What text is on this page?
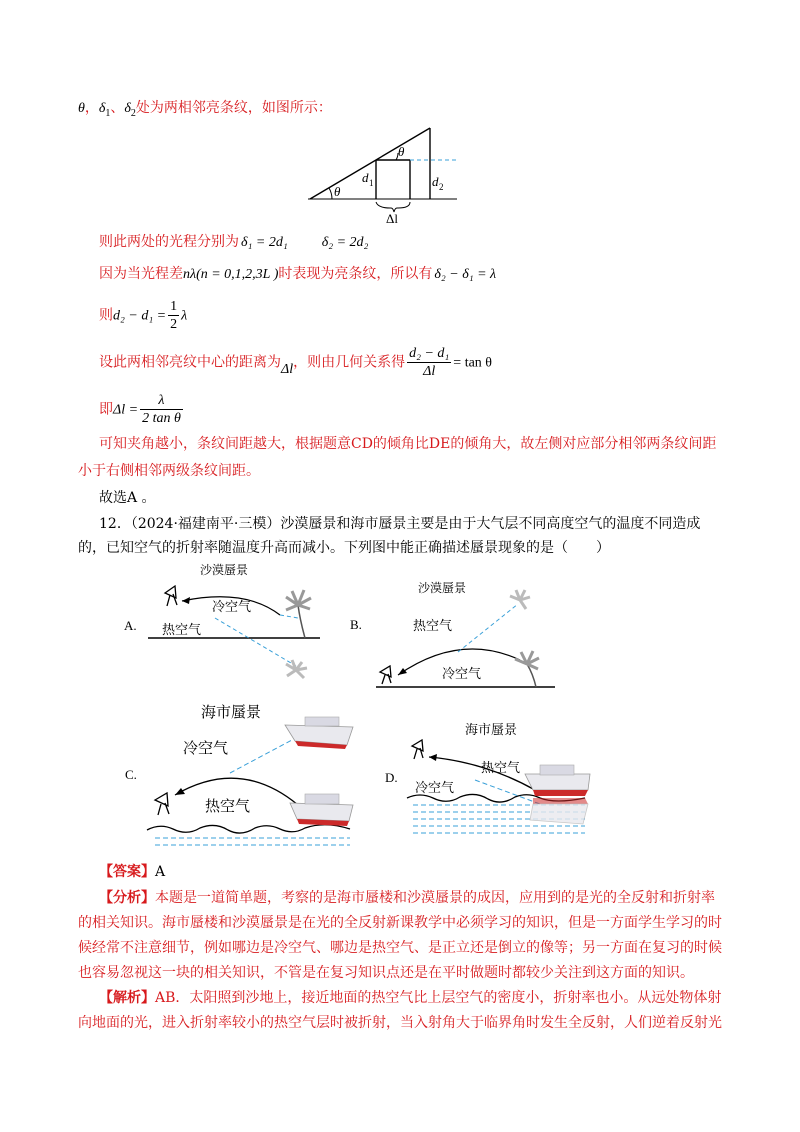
θ，$\delta_1$、$\delta_2$处为两相邻亮条纹，如图所示：
θ
θ
d 1	d 2
Δl
则此两处的光程分别为 δ₁ = 2d₁ δ₂ = 2d₂
因为当光程差nλ(n = 0,1,2,3L )时表现为亮条纹，所以有 δ₂ − δ₁ = λ
则$d_2 - d_1 = \frac{1}{2}$ λ
设此两相邻亮纹中心的距离为Δl，则由几何关系得 $\frac{\text{d₂ − d₁}}{\Delta l} = \tan \theta$
即$\Delta l = \frac{\lambda}{\text{2 tan θ}}$
可知夹角越小，条纹间距越大，根据题意CD的倾角比DE的倾角大，故左侧对应部分相邻两条纹间距
小于右侧相邻两级条纹间距。
故选A 。
12．（2024·福建南平·三模）沙漠蜃景和海市蜃景主要是由于大气层不同高度空气的温度不同造成
的，已知空气的折射率随温度升高而减小。下列图中能正确描述蜃景现象的是（　　）
A.
沙漠蜃景
冷空气
热空气	B.
沙漠蜃景
热空气
冷空气
C.
海市蜃景
冷空气
热空气
D.
海市蜃景
热空气
冷空气
【答案】A
【分析】本题是一道简单题，考察的是海市蜃楼和沙漠蜃景的成因，应用到的是光的全反射和折射率
的相关知识。海市蜃楼和沙漠蜃景是在光的全反射新课教学中必须学习的知识，但是一方面学生学习的时
候经常不注意细节，例如哪边是冷空气、哪边是热空气、是正立还是倒立的像等；另一方面在复习的时候
也容易忽视这一块的相关知识，不管是在复习知识点还是在平时做题时都较少关注到这方面的知识。
【解析】AB．太阳照到沙地上，接近地面的热空气比上层空气的密度小，折射率也小。从远处物体射
向地面的光，进入折射率较小的热空气层时被折射，当入射角大于临界角时发生全反射，人们逆着反射光
